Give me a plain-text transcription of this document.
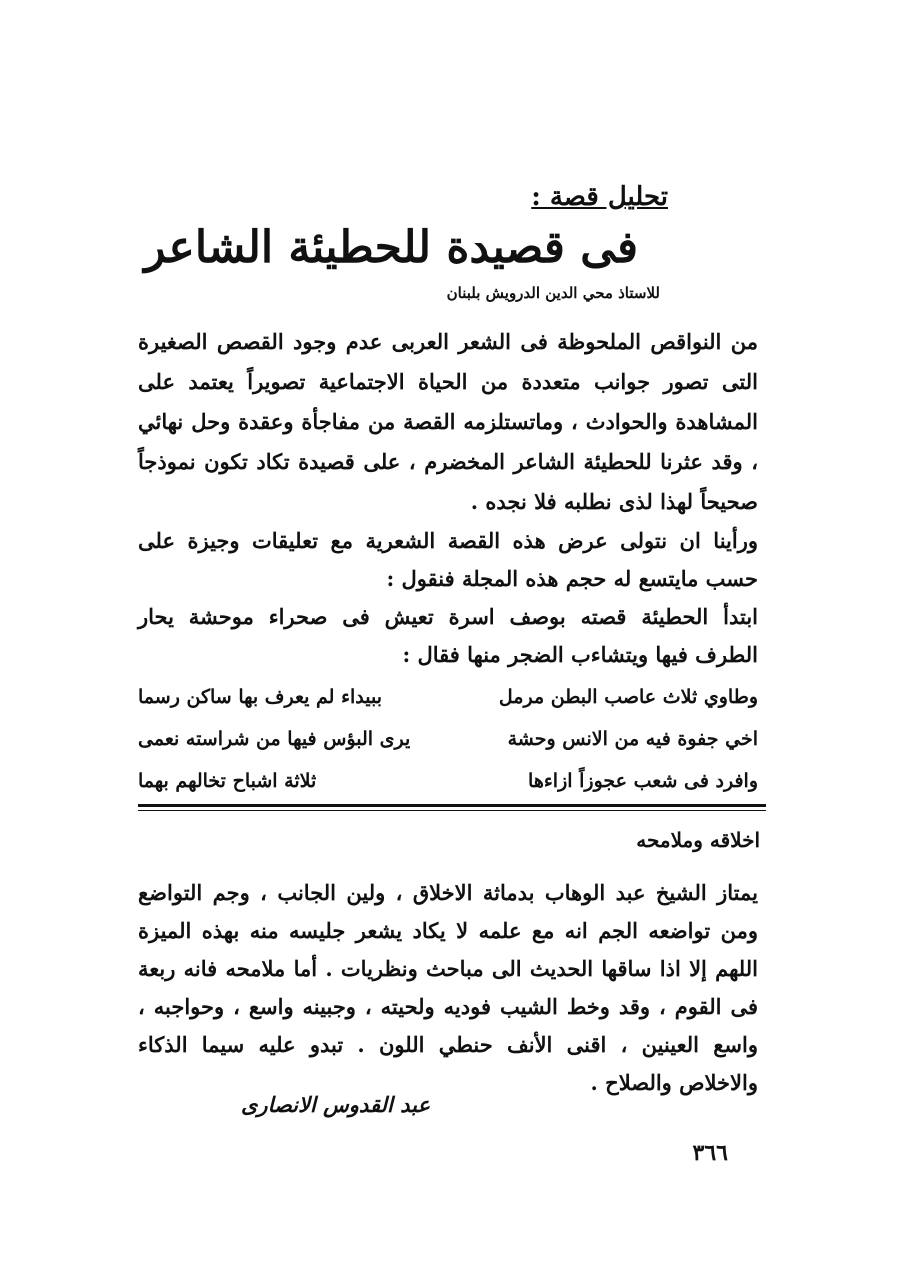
تحليل قصة :
فى قصيدة للحطيئة الشاعر
للاستاذ محي الدين الدرويش بلبنان
من النواقص الملحوظة فى الشعر العربى عدم وجود القصص الصغيرة التى تصور جوانب متعددة من الحياة الاجتماعية تصويراً يعتمد على المشاهدة والحوادث ، وماتستلزمه القصة من مفاجأة وعقدة وحل نهائي ، وقد عثرنا للحطيئة الشاعر المخضرم ، على قصيدة تكاد تكون نموذجاً صحيحاً لهذا لذى نطلبه فلا نجده .
ورأينا ان نتولى عرض هذه القصة الشعرية مع تعليقات وجيزة على حسب مايتسع له حجم هذه المجلة فنقول :
ابتدأ الحطيئة قصته بوصف اسرة تعيش فى صحراء موحشة يحار الطرف فيها ويتشاءب الضجر منها فقال :
وطاوي ثلاث عاصب البطن مرمل
ببيداء لم يعرف بها ساكن رسما
اخي جفوة فيه من الانس وحشة
يرى البؤس فيها من شراسته نعمى
وافرد فى شعب عجوزاً ازاءها
ثلاثة اشباح تخالهم بهما
اخلاقه وملامحه
يمتاز الشيخ عبد الوهاب بدماثة الاخلاق ، ولين الجانب ، وجم التواضع ومن تواضعه الجم انه مع علمه لا يكاد يشعر جليسه منه بهذه الميزة اللهم إلا اذا ساقها الحديث الى مباحث ونظريات . أما ملامحه فانه ربعة فى القوم ، وقد وخط الشيب فوديه ولحيته ، وجبينه واسع ، وحواجبه ، واسع العينين ، اقنى الأنف حنطي اللون . تبدو عليه سيما الذكاء والاخلاص والصلاح .
عبد القدوس الانصارى
٣٦٦
